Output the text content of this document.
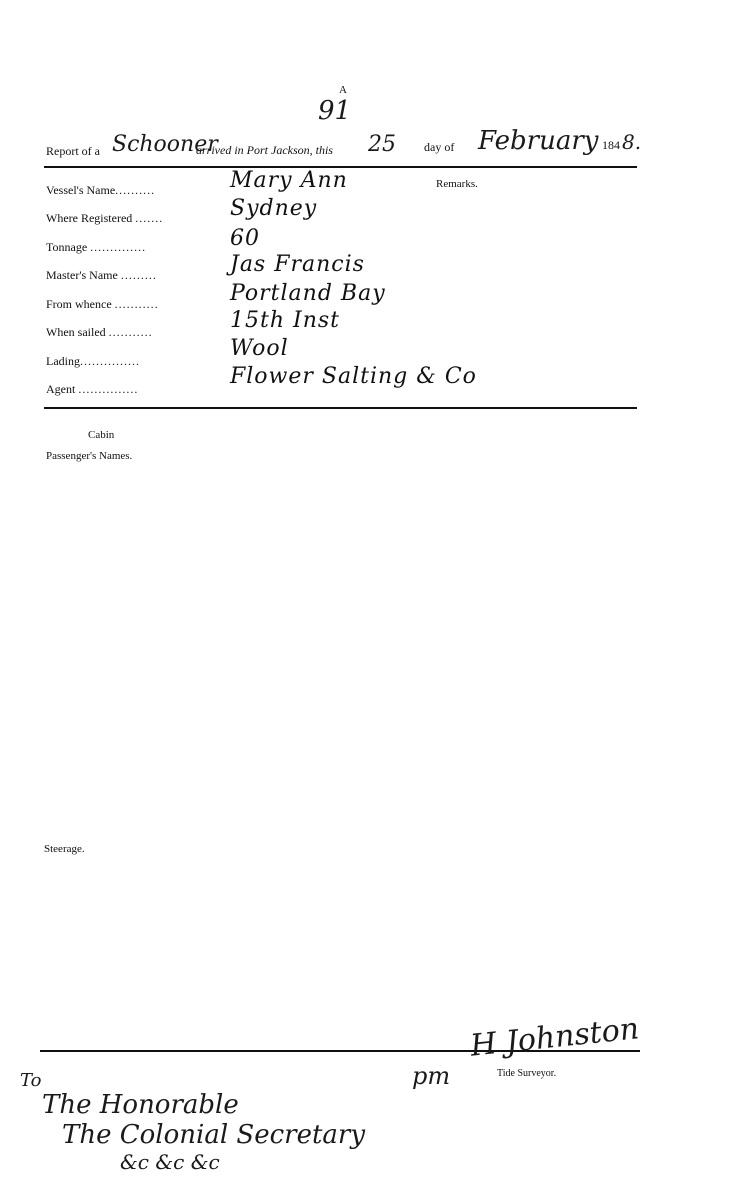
A
91
Report of a Schooner
arrived in Port Jackson, this 25 day of February 184 8.
Remarks.
Vessel's Name..........	Mary Ann
Where Registered .......	Sydney
Tonnage ..............	60
Master's Name .........	Jas Francis
From whence ...........	Portland Bay
When sailed ...........	15th Inst
Lading...............	Wool
Agent ...............	Flower Salting & Co
Cabin
Passenger's Names.
Steerage.
H Johnston
pm	Tide Surveyor.
To
The Honorable
The Colonial Secretary
&c &c &c
